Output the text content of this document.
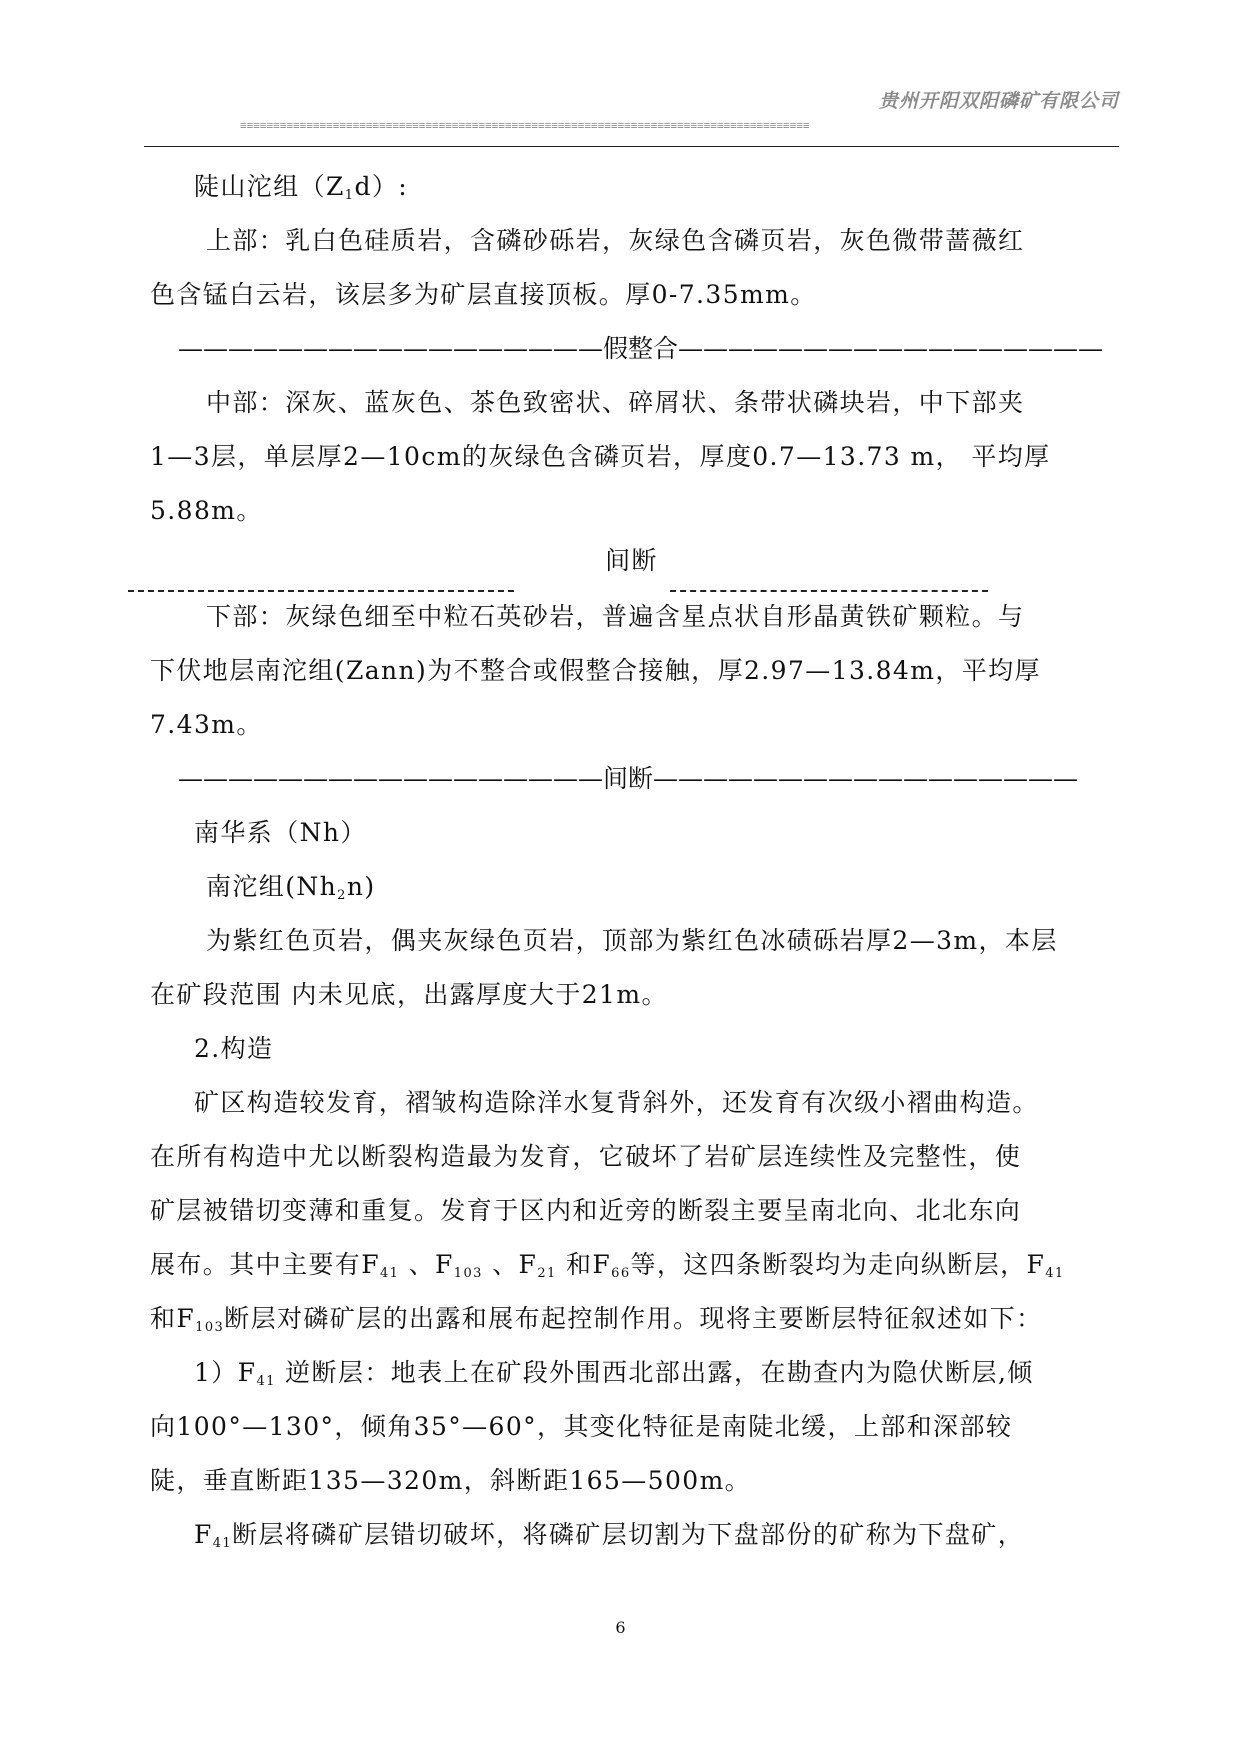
贵州开阳双阳磷矿有限公司
≡≡≡≡≡≡≡≡≡≡≡≡≡≡≡≡≡≡≡≡≡≡≡≡≡≡≡≡≡≡≡≡≡≡≡≡≡≡≡≡≡≡≡≡≡≡≡≡≡≡≡≡≡≡≡≡≡≡≡≡≡≡≡≡≡≡≡≡≡≡≡≡≡≡≡≡≡≡≡≡≡≡≡≡≡≡
陡山沱组$(Z_1d)$:
上部：乳白色硅质岩，含磷砂砾岩，灰绿色含磷页岩，灰色微带蔷薇红
色含锰白云岩，该层多为矿层直接顶板。厚0-7.35mm。
—————————————————假整合—————————————————
中部：深灰、蓝灰色、茶色致密状、碎屑状、条带状磷块岩，中下部夹
1—3层，单层厚2—10cm的灰绿色含磷页岩，厚度0.7—13.73 m， 平均厚
5.88m。
间断
下部：灰绿色细至中粒石英砂岩，普遍含星点状自形晶黄铁矿颗粒。与
下伏地层南沱组(Zann)为不整合或假整合接触，厚2.97—13.84m，平均厚
7.43m。
—————————————————间断—————————————————
南华系（Nh）
南沱组$(Nh_2n)$
为紫红色页岩，偶夹灰绿色页岩，顶部为紫红色冰碛砾岩厚2—3m，本层
在矿段范围 内未见底，出露厚度大于21m。
2.构造
矿区构造较发育，褶皱构造除洋水复背斜外，还发育有次级小褶曲构造。
在所有构造中尤以断裂构造最为发育，它破坏了岩矿层连续性及完整性，使
矿层被错切变薄和重复。发育于区内和近旁的断裂主要呈南北向、北北东向
展布。其中主要有$F_{41}$ 、$F_{103}$ 、$F_{21}$ 和$F_{66}$等，这四条断裂均为走向纵断层，$F_{41}$
和$F_{103}$断层对磷矿层的出露和展布起控制作用。现将主要断层特征叙述如下：
$1)F_{41}$ 逆断层：地表上在矿段外围西北部出露，在勘查内为隐伏断层,倾
向100°—130°，倾角35°—60°，其变化特征是南陡北缓，上部和深部较
陡，垂直断距135—320m，斜断距165—500m。
$F_{41}$断层将磷矿层错切破坏，将磷矿层切割为下盘部份的矿称为下盘矿，
6
